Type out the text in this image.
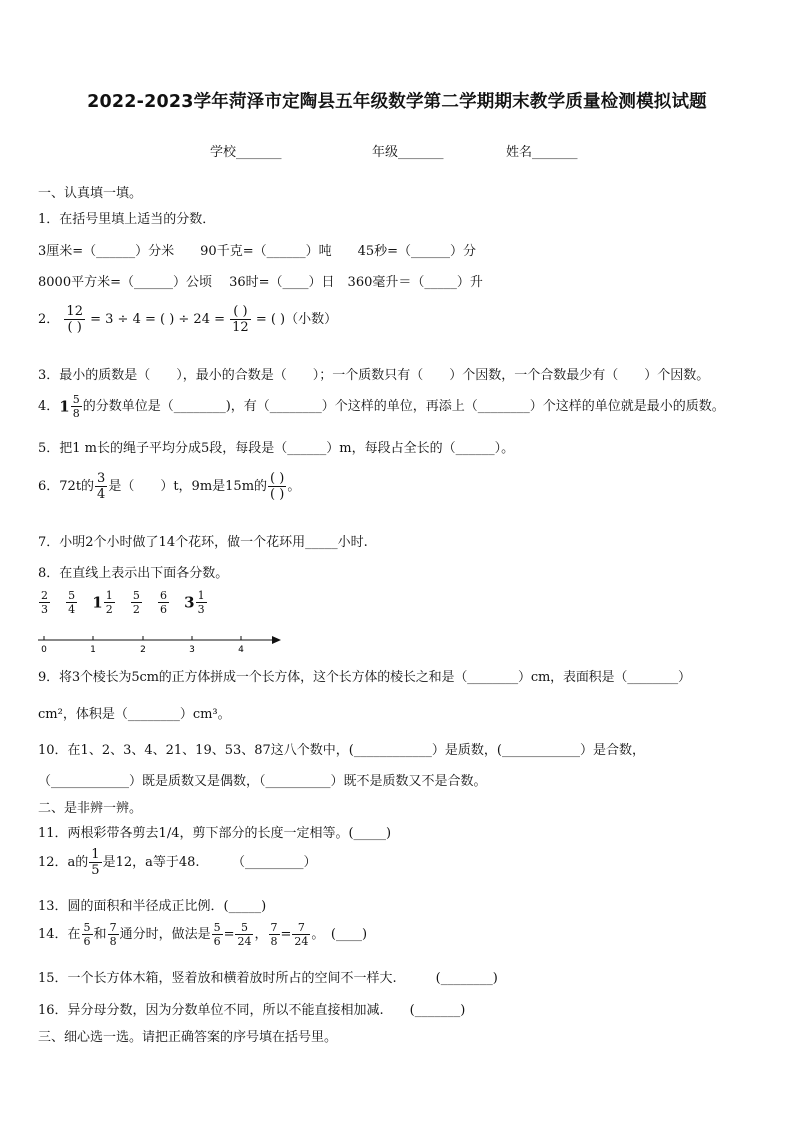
2022-2023学年菏泽市定陶县五年级数学第二学期期末教学质量检测模拟试题
学校_______	年级_______	姓名_______
一、认真填一填。
1．在括号里填上适当的分数．
3厘米=（______）分米　　90千克=（______）吨　　45秒=（______）分
8000平方米=（______）公顷　 36时=（____）日　360毫升＝（_____）升
2． $\frac{12}{( )} = 3 \div 4$ = ( ) ÷ $24 = \frac{( )}{12}$ = ( )（小数）
3．最小的质数是（　　），最小的合数是（　　）；一个质数只有（　　）个因数，一个合数最少有（　　）个因数。
4．$1 \frac{5}{8}$ 的分数单位是（________)，有（________）个这样的单位，再添上（________）个这样的单位就是最小的质数。
5．把1 m长的绳子平均分成5段，每段是（______）m，每段占全长的（______）。
6．72t的 $\frac{3}{4}$ 是（　　）t，9m是15m的 $\frac{( )}{( )}$ 。
7．小明2个小时做了14个花环，做一个花环用_____小时.
8．在直线上表示出下面各分数。
$\frac{2}{3}$
$\frac{5}{4} 1 \frac{1}{2}$
$\frac{5}{2}$
$\frac{6}{6} 3 \frac{1}{3}$
0	1	2	3	4
9．将3个棱长为5cm的正方体拼成一个长方体，这个长方体的棱长之和是（________）cm，表面积是（________）
cm²，体积是（________）cm³。
10．在1、2、3、4、21、19、53、87这八个数中，(____________）是质数，(____________）是合数，
（____________）既是质数又是偶数，（__________）既不是质数又不是合数。
二、是非辨一辨。
11．两根彩带各剪去1/4，剪下部分的长度一定相等。(_____)
12．a的 $\frac{1}{5}$ 是12，a等于48.　　　（_________）
13．圆的面积和半径成正比例．(_____)
14．在 $\frac{5}{6}$ 和 $\frac{7}{8}$ 通分时，做法是 $\frac{5}{6} = \frac{5}{24}$ ， $\frac{7}{8} = \frac{7}{24}$ 。　(____)
15．一个长方体木箱，竖着放和横着放时所占的空间不一样大.　　　(________)
16．异分母分数，因为分数单位不同，所以不能直接相加减.　　(_______)
三、细心选一选。请把正确答案的序号填在括号里。
